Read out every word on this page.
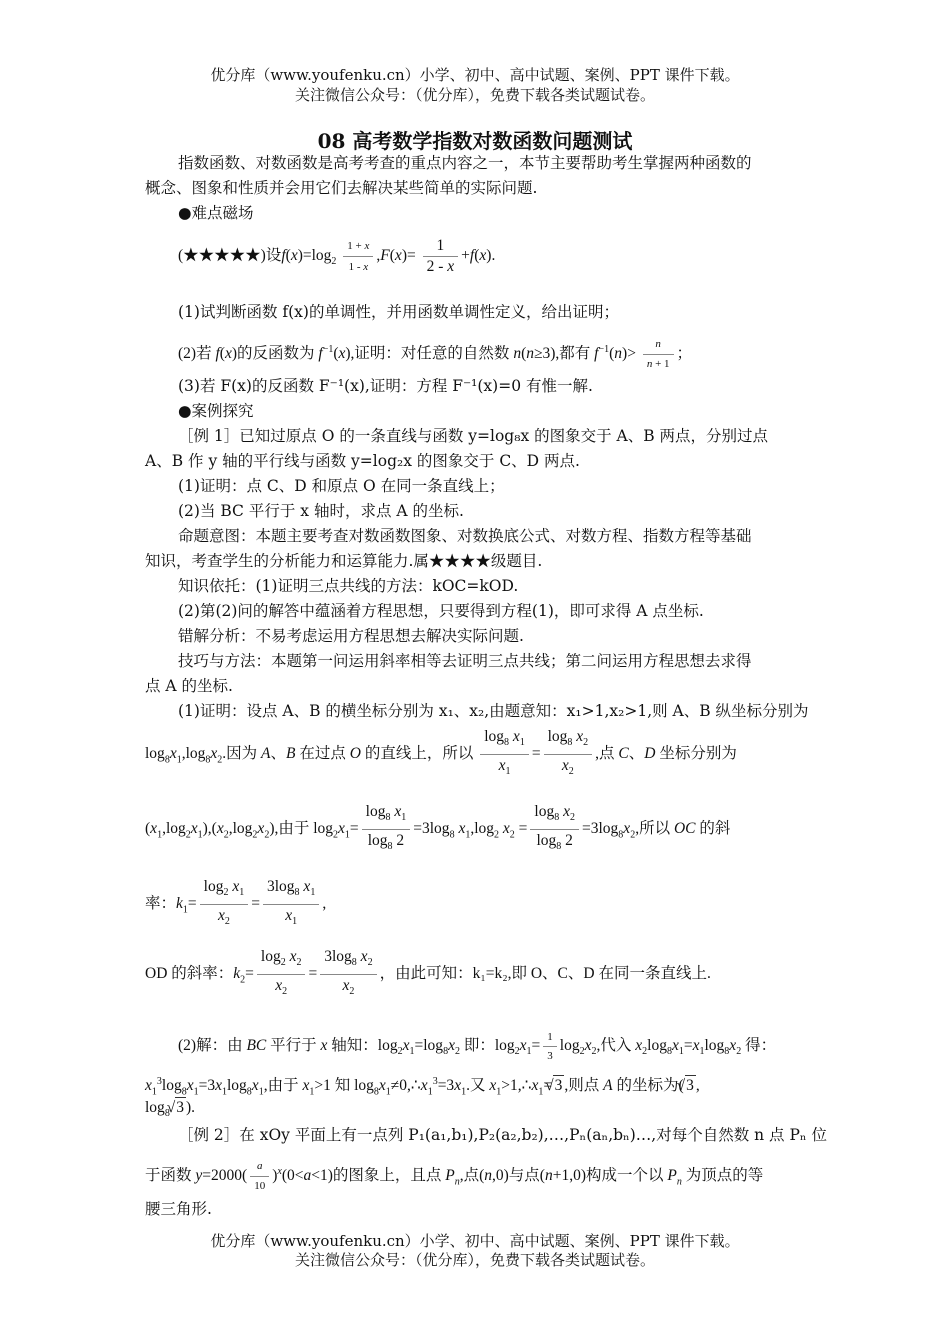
优分库（www.youfenku.cn）小学、初中、高中试题、案例、PPT 课件下载。
关注微信公众号：（优分库），免费下载各类试题试卷。
08 高考数学指数对数函数问题测试
指数函数、对数函数是高考考查的重点内容之一，本节主要帮助考生掌握两种函数的
概念、图象和性质并会用它们去解决某些简单的实际问题.
●难点磁场
(★★★★★)设$f(x)=\log_2 \frac{1 + x}{1 - x} ,F(x)= \frac{1}{2 - x} +f(x)$.
(1)试判断函数 f(x)的单调性，并用函数单调性定义，给出证明；
(2)若 f(x)的反函数为 $f^{-1}(x)$,证明：对任意的自然数 n(n≥3),都有 $f^{-1}(n)> \frac{n}{n + 1}$ ；
(3)若 F(x)的反函数 F⁻¹(x),证明：方程 F⁻¹(x)=0 有惟一解.
●案例探究
［例 1］已知过原点 O 的一条直线与函数 y=log₈x 的图象交于 A、B 两点，分别过点
A、B 作 y 轴的平行线与函数 y=log₂x 的图象交于 C、D 两点.
(1)证明：点 C、D 和原点 O 在同一条直线上；
(2)当 BC 平行于 x 轴时，求点 A 的坐标.
命题意图：本题主要考查对数函数图象、对数换底公式、对数方程、指数方程等基础
知识，考查学生的分析能力和运算能力.属★★★★级题目.
知识依托：(1)证明三点共线的方法：kOC=kOD.
(2)第(2)问的解答中蕴涵着方程思想，只要得到方程(1)，即可求得 A 点坐标.
错解分析：不易考虑运用方程思想去解决实际问题.
技巧与方法：本题第一问运用斜率相等去证明三点共线；第二问运用方程思想去求得
点 A 的坐标.
(1)证明：设点 A、B 的横坐标分别为 x₁、x₂,由题意知：x₁>1,x₂>1,则 A、B 纵坐标分别为
$\log_8x_1,\log_8x_2$.因为 A、B 在过点 O 的直线上，所以 $\frac{\log_8 x_1}{x_1} = \frac{\log_8 x_2}{x_2}$ ,点 C、D 坐标分别为
$(x_1,\log_2x_1),(x_2,\log_2x_2)$,由于 $\log_2x_1= \frac{\log_8 x_1}{\log_8 2} =3\log_8$ $x_1,\log_2$ $x_2 = \frac{\log_8 x_2}{\log_8 2} =3\log_8x_2$,所以 OC 的斜
率：$k_1= \frac{\log_2 x_1}{x_2} = \frac{3\log_8 x_1}{x_1}$ ,
OD 的斜率：$k_2= \frac{\log_2 x_2}{x_2} = \frac{3\log_8 x_2}{x_2}$ ，由此可知：k₁=k₂,即 O、C、D 在同一条直线上.
(2)解：由 BC 平行于 x 轴知：$\log_2x_1=\log_8x_2$ 即：$\log_2x_1= \frac{1}{3} \log_2x_2$,代入 $x_2\log_8x_1=x_1\log_8x_2$ 得：
$x_1^3\log_8x_1=3x_1\log_8x_1$,由于 $x_1>1$ 知 $\log_8x_1\ne 0,\therefore x_1^3=3x_1$.又 $x_1>1,\therefore x_1=√$ 3 ,则点 A 的坐标为(√ 3 ,
$\log_8$ √ 3 ).
［例 2］在 xOy 平面上有一点列 P₁(a₁,b₁),P₂(a₂,b₂),…,Pₙ(aₙ,bₙ)…,对每个自然数 n 点 Pₙ 位
于函数 $y=2000( \frac{a}{10} )^x(0<a<1)$的图象上，且点 $P_n$,点(n,0)与点(n+1,0)构成一个以 $P_n$ 为顶点的等
腰三角形.
优分库（www.youfenku.cn）小学、初中、高中试题、案例、PPT 课件下载。
关注微信公众号：（优分库），免费下载各类试题试卷。
